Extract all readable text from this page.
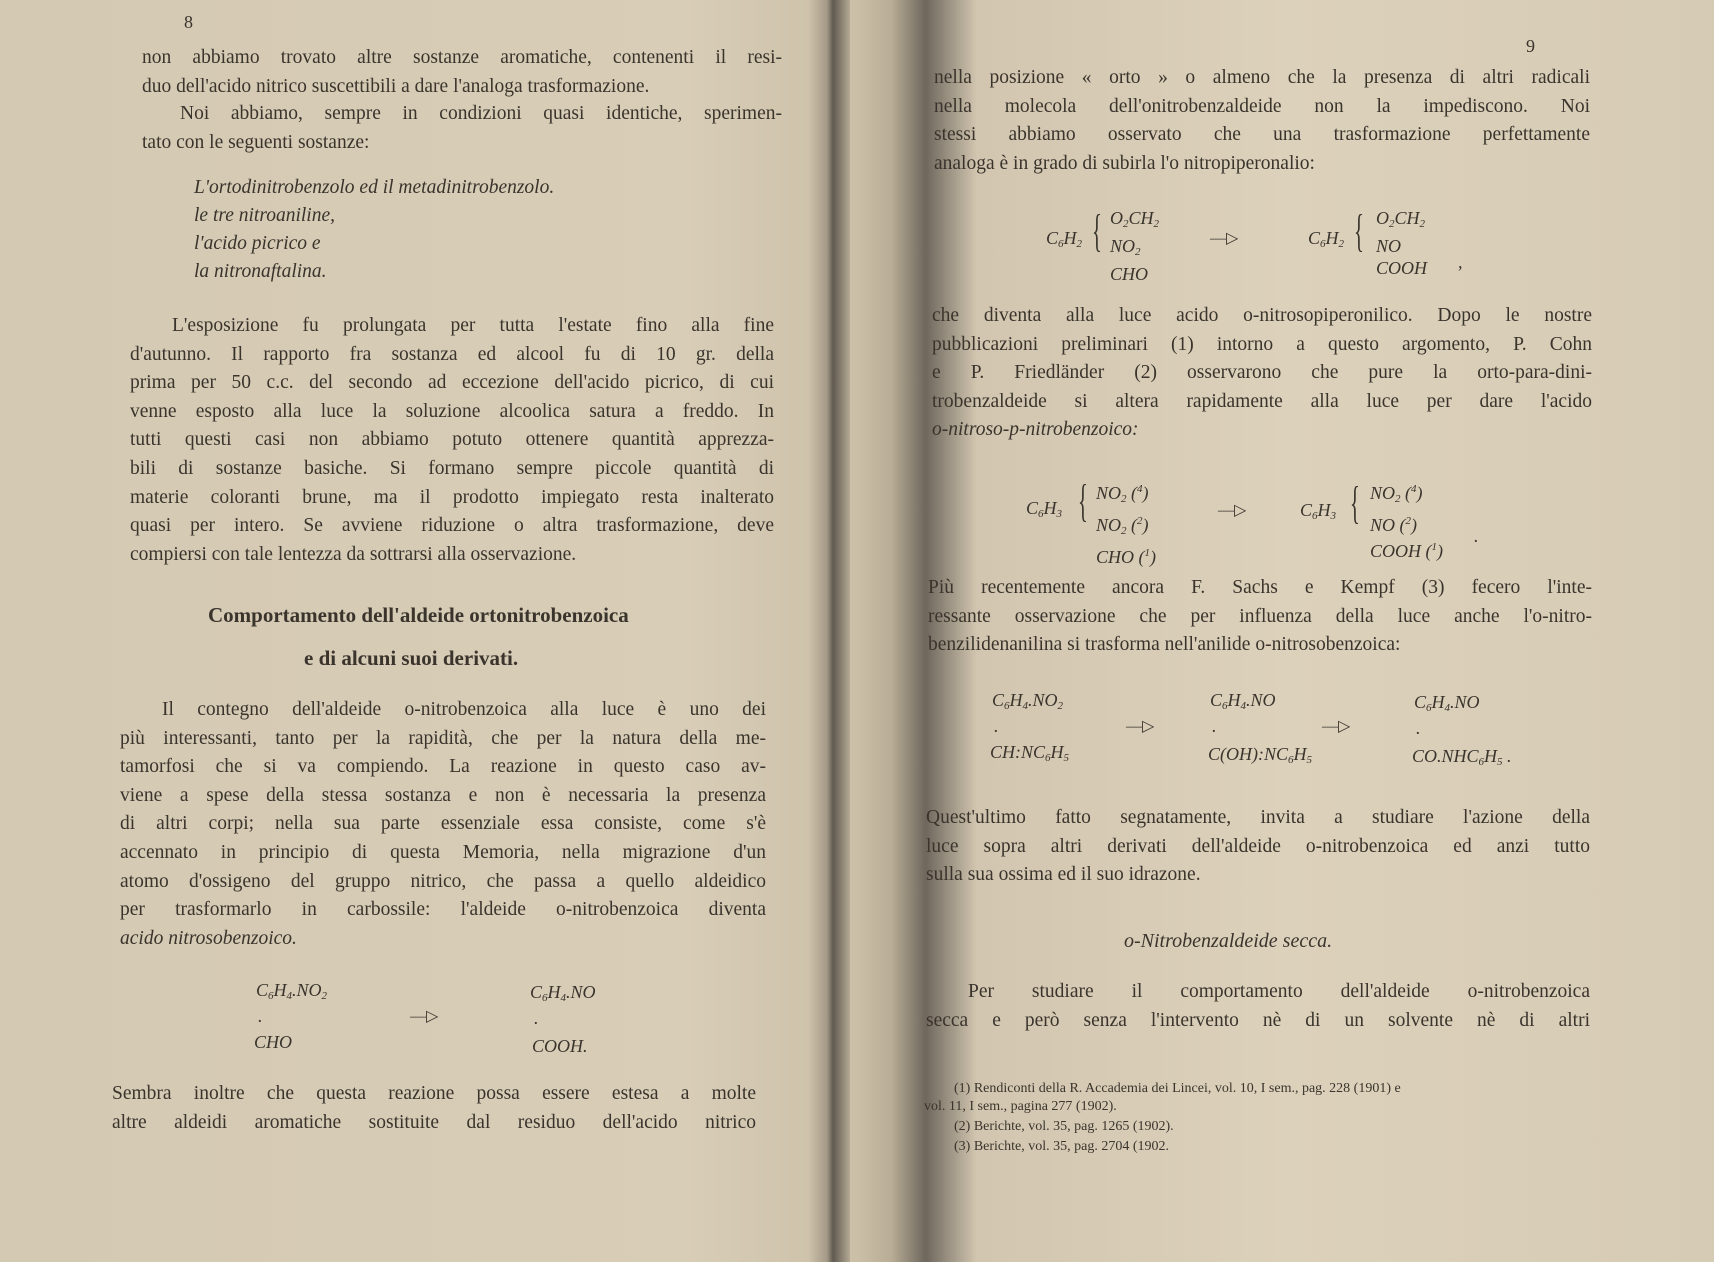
8
non abbiamo trovato altre sostanze aromatiche, contenenti il resi-
duo dell'acido nitrico suscettibili a dare l'analoga trasformazione.
Noi abbiamo, sempre in condizioni quasi identiche, sperimen-
tato con le seguenti sostanze:
L'ortodinitrobenzolo ed il metadinitrobenzolo.
le tre nitroaniline,
l'acido picrico e
la nitronaftalina.
L'esposizione fu prolungata per tutta l'estate fino alla fine
d'autunno. Il rapporto fra sostanza ed alcool fu di 10 gr. della
prima per 50 c.c. del secondo ad eccezione dell'acido picrico, di cui
venne esposto alla luce la soluzione alcoolica satura a freddo. In
tutti questi casi non abbiamo potuto ottenere quantità apprezza-
bili di sostanze basiche. Si formano sempre piccole quantità di
materie coloranti brune, ma il prodotto impiegato resta inalterato
quasi per intero. Se avviene riduzione o altra trasformazione, deve
compiersi con tale lentezza da sottrarsi alla osservazione.
Comportamento dell'aldeide ortonitrobenzoica
e di alcuni suoi derivati.
Il contegno dell'aldeide o-nitrobenzoica alla luce è uno dei
più interessanti, tanto per la rapidità, che per la natura della me-
tamorfosi che si va compiendo. La reazione in questo caso av-
viene a spese della stessa sostanza e non è necessaria la presenza
di altri corpi; nella sua parte essenziale essa consiste, come s'è
accennato in principio di questa Memoria, nella migrazione d'un
atomo d'ossigeno del gruppo nitrico, che passa a quello aldeidico
per trasformarlo in carbossile: l'aldeide o-nitrobenzoica diventa
acido nitrosobenzoico.
$C_6H_4.NO_2$
.
CHO
—▷
$C_6H_4.NO$
.
COOH.
Sembra inoltre che questa reazione possa essere estesa a molte
altre aldeidi aromatiche sostituite dal residuo dell'acido nitrico
9
nella posizione « orto » o almeno che la presenza di altri radicali
nella molecola dell'onitrobenzaldeide non la impediscono. Noi
stessi abbiamo osservato che una trasformazione perfettamente
analoga è in grado di subirla l'o nitropiperonalio:
$C_6H_2$ { $O_2CH_2$
$NO_2$
CHO
—▷	$C_6H_2$ { $O_2CH_2$
NO
COOH ,
che diventa alla luce acido o-nitrosopiperonilico. Dopo le nostre
pubblicazioni preliminari (1) intorno a questo argomento, P. Cohn
e P. Friedländer (2) osservarono che pure la orto-para-dini-
trobenzaldeide si altera rapidamente alla luce per dare l'acido
o-nitroso-p-nitrobenzoico:
$C_6H_3$ { $NO_2$ ($^4$)
$NO_2$ ($^2$)
CHO ($^1$)
—▷	$C_6H_3$ { $NO_2$ ($^4$)
NO ($^2$)
COOH ($^1$)
.
Più recentemente ancora F. Sachs e Kempf (3) fecero l'inte-
ressante osservazione che per influenza della luce anche l'o-nitro-
benzilidenanilina si trasforma nell'anilide o-nitrosobenzoica:
$C_6H_4.NO_2$
.
$CH:NC_6H_5$
—▷
$C_6H_4.NO$
.
$C(OH):NC_6H_5$
—▷
$C_6H_4.NO$
.
$CO.NHC_6H_5$ .
Quest'ultimo fatto segnatamente, invita a studiare l'azione della
luce sopra altri derivati dell'aldeide o-nitrobenzoica ed anzi tutto
sulla sua ossima ed il suo idrazone.
o-Nitrobenzaldeide secca.
Per studiare il comportamento dell'aldeide o-nitrobenzoica
secca e però senza l'intervento nè di un solvente nè di altri
(1) Rendiconti della R. Accademia dei Lincei, vol. 10, I sem., pag. 228 (1901) e
vol. 11, I sem., pagina 277 (1902).
(2) Berichte, vol. 35, pag. 1265 (1902).
(3) Berichte, vol. 35, pag. 2704 (1902.
